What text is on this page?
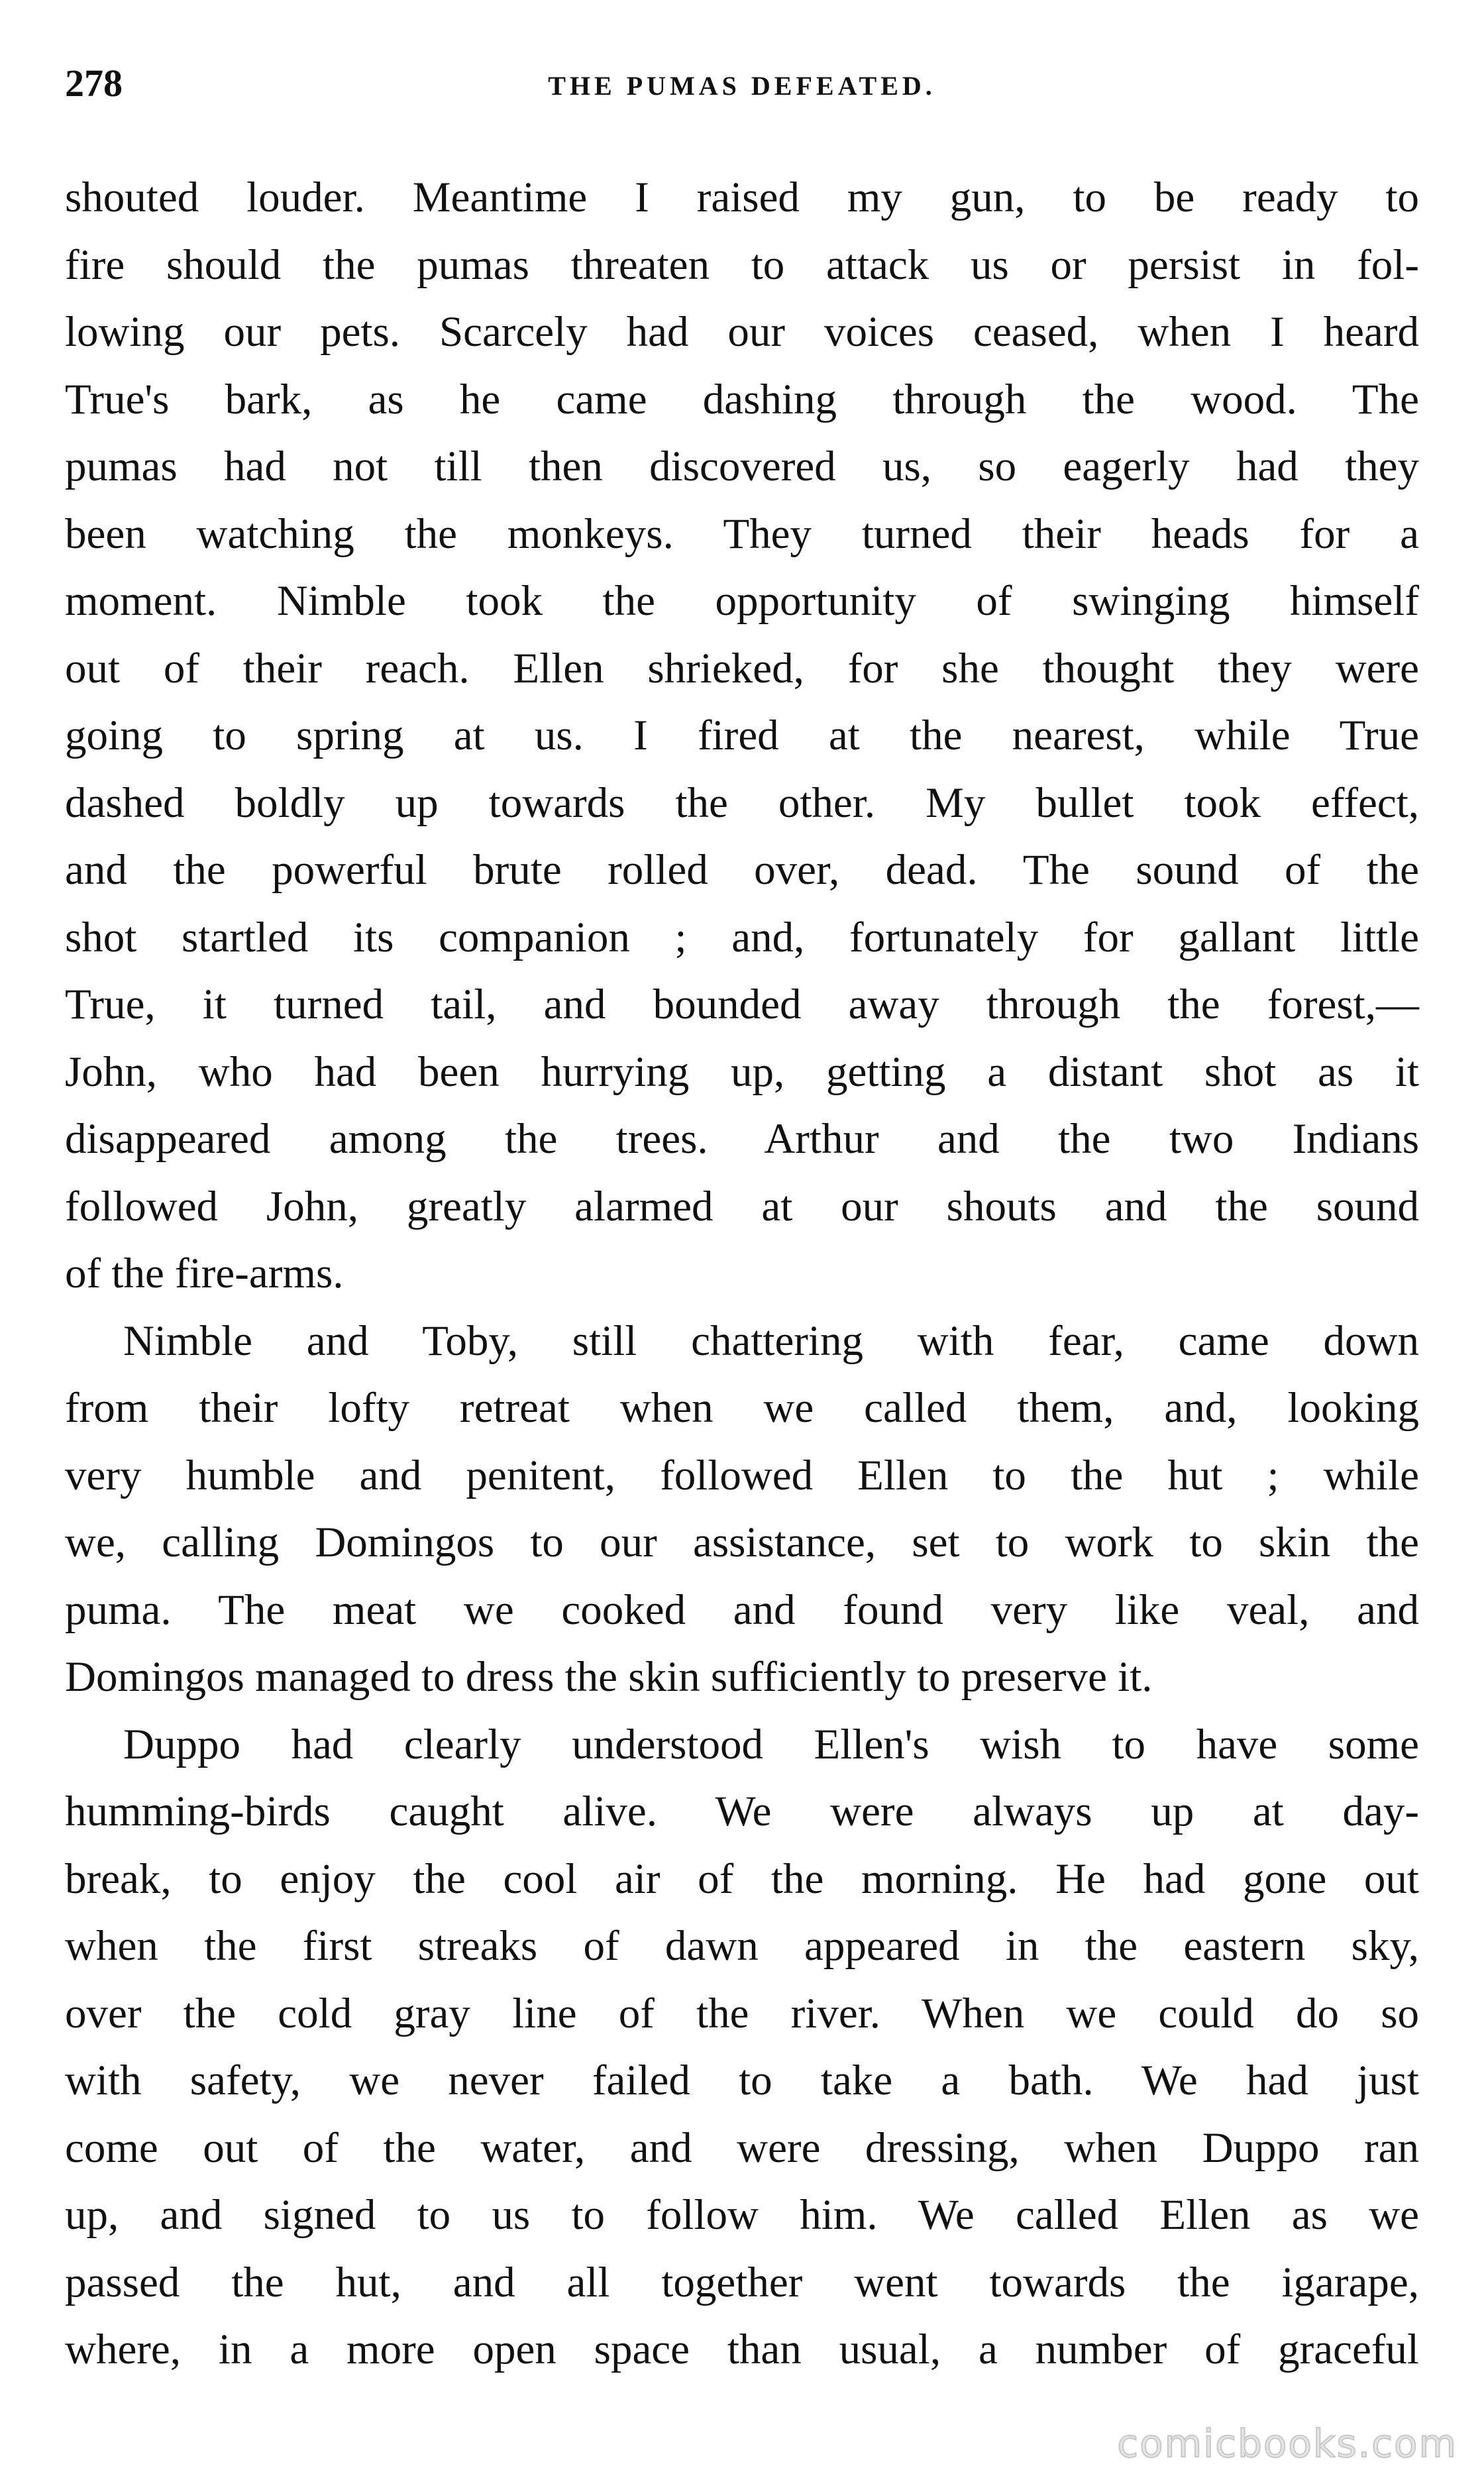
278	THE PUMAS DEFEATED.

shouted louder. Meantime I raised my gun, to be ready to

fire should the pumas threaten to attack us or persist in fol-

lowing our pets. Scarcely had our voices ceased, when I heard

True's bark, as he came dashing through the wood. The

pumas had not till then discovered us, so eagerly had they

been watching the monkeys. They turned their heads for a

moment. Nimble took the opportunity of swinging himself

out of their reach. Ellen shrieked, for she thought they were

going to spring at us. I fired at the nearest, while True

dashed boldly up towards the other. My bullet took effect,

and the powerful brute rolled over, dead. The sound of the

shot startled its companion ; and, fortunately for gallant little

True, it turned tail, and bounded away through the forest,—

John, who had been hurrying up, getting a distant shot as it

disappeared among the trees. Arthur and the two Indians

followed John, greatly alarmed at our shouts and the sound

of the fire-arms.

Nimble and Toby, still chattering with fear, came down

from their lofty retreat when we called them, and, looking

very humble and penitent, followed Ellen to the hut ; while

we, calling Domingos to our assistance, set to work to skin the

puma. The meat we cooked and found very like veal, and

Domingos managed to dress the skin sufficiently to preserve it.

Duppo had clearly understood Ellen's wish to have some

humming-birds caught alive. We were always up at day-

break, to enjoy the cool air of the morning. He had gone out

when the first streaks of dawn appeared in the eastern sky,

over the cold gray line of the river. When we could do so

with safety, we never failed to take a bath. We had just

come out of the water, and were dressing, when Duppo ran

up, and signed to us to follow him. We called Ellen as we

passed the hut, and all together went towards the igarape,

where, in a more open space than usual, a number of graceful

comicbooks.com
